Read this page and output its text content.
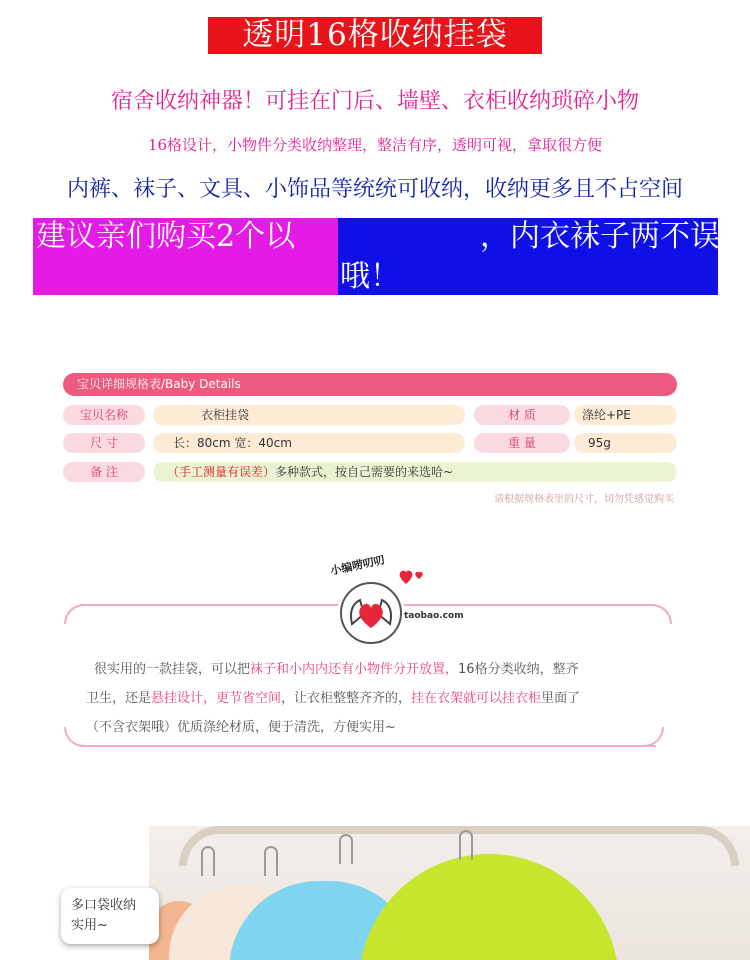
透明16格收纳挂袋
宿舍收纳神器！可挂在门后、墙壁、衣柜收纳琐碎小物
16格设计，小物件分类收纳整理，整洁有序，透明可视，拿取很方便
内裤、袜子、文具、小饰品等统统可收纳，收纳更多且不占空间
建议亲们购买2个以	，内衣袜子两不误
哦！
宝贝详细规格表/Baby Details
宝贝名称	衣柜挂袋	材 质	涤纶+PE
尺 寸	长：80cm 宽：40cm	重 量	95g
备 注	（手工测量有误差）多种款式，按自己需要的来选哈~
请根据规格表里的尺寸，切勿凭感觉购买
小编唠叨叨
taobao.com
很实用的一款挂袋，可以把袜子和小内内还有小物件分开放置，16格分类收纳，整齐
卫生，还是悬挂设计，更节省空间，让衣柜整整齐齐的，挂在衣架就可以挂衣柜里面了
（不含衣架哦）优质涤纶材质，便于清洗，方便实用~
多口袋收纳
实用~
